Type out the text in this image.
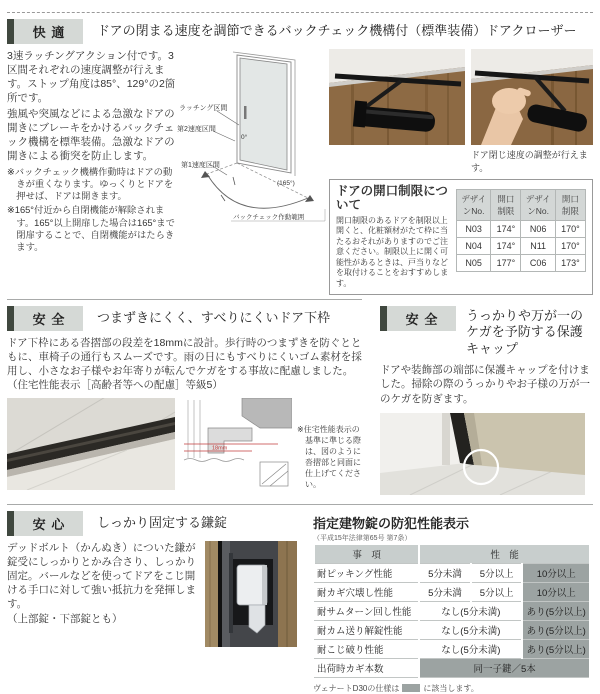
快適	ドアの閉まる速度を調節できるバックチェック機構付（標準装備）ドアクローザー

3速ラッチングアクション付です。3区間それぞれの速度調整が行えます。ストップ角度は85°、129°の2箇所です。

強風や突風などによる急激なドアの開きにブレーキをかけるバックチェック機構を標準装備。急激なドアの開きによる衝突を防止します。

※バックチェック機構作動時はドアの動きが重くなります。ゆっくりとドアを押せば、ドアは開きます。

※165°付近から自閉機能が解除されます。165°以上開扉した場合は165°まで閉扉することで、自閉機能がはたらきます。

ラッチング区間
第2速度区間
0°
第1速度区間
(165°)
バックチェック作動範囲
ドア閉じ速度の調整が行えます。

ドアの開口制限について

開口制限のあるドアを制限以上開くと、化粧額材がたて枠に当たるおそれがありますのでご注意ください。制限以上に開く可能性があるときは、戸当りなどを取付けることをおすすめします。

デザインNo.	開口制限	デザインNo.	開口制限
N03	174°	N06	170°
N04	174°	N11	170°
N05	177°	C06	173°
安全	つまずきにくく、すべりにくいドア下枠

ドア下枠にある沓摺部の段差を18mmに設計。歩行時のつまずきを防ぐとともに、車椅子の通行もスムーズです。雨の日にもすべりにくいゴム素材を採用し、小さなお子様やお年寄りが転んでケガをする事故に配慮しました。（住宅性能表示［高齢者等への配慮］等級5）

18mm

※住宅性能表示の基準に準じる際は、図のように沓摺部と同面に仕上げてください。

安全	うっかりや万が一のケガを予防する保護キャップ

ドアや装飾部の端部に保護キャップを付けました。掃除の際のうっかりやお子様の万が一のケガを防ぎます。

安心	しっかり固定する鎌錠

デッドボルト（かんぬき）についた鎌が錠受にしっかりとかみ合さり、しっかり固定。バールなどを使ってドアをこじ開ける手口に対して強い抵抗力を発揮します。

（上部錠・下部錠とも）

指定建物錠の防犯性能表示

（平成15年法律第65号 第7条）

事　項	性　能		
耐ピッキング性能	5分未満	5分以上	10分以上
耐カギ穴壊し性能	5分未満	5分以上	10分以上
耐サムターン回し性能	なし(5分未満)		あり(5分以上)
耐カム送り解錠性能	なし(5分未満)		あり(5分以上)
耐こじ破り性能	なし(5分未満)		あり(5分以上)
出荷時カギ本数	同一子鍵／5本		
ヴェナートD30の仕様は	に該当します。
